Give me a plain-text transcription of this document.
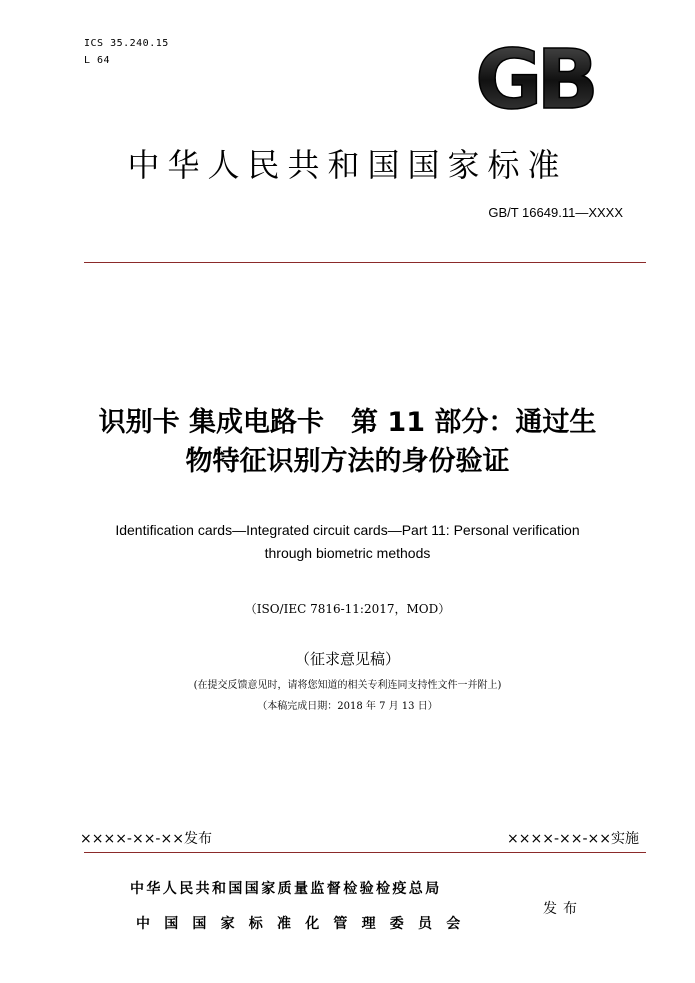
ICS 35.240.15
L 64	GB
中华人民共和国国家标准
GB/T 16649.11—XXXX
识别卡 集成电路卡　第 11 部分：通过生
物特征识别方法的身份验证
Identification cards—Integrated circuit cards—Part 11: Personal verification
through biometric methods
（ISO/IEC 7816-11:2017，MOD）
（征求意见稿）
(在提交反馈意见时，请将您知道的相关专利连同支持性文件一并附上)
（本稿完成日期：2018 年 7 月 13 日）
××××-××-××发布	××××-××-××实施
中华人民共和国国家质量监督检验检疫总局
中国国家标准化管理委员会
发布
